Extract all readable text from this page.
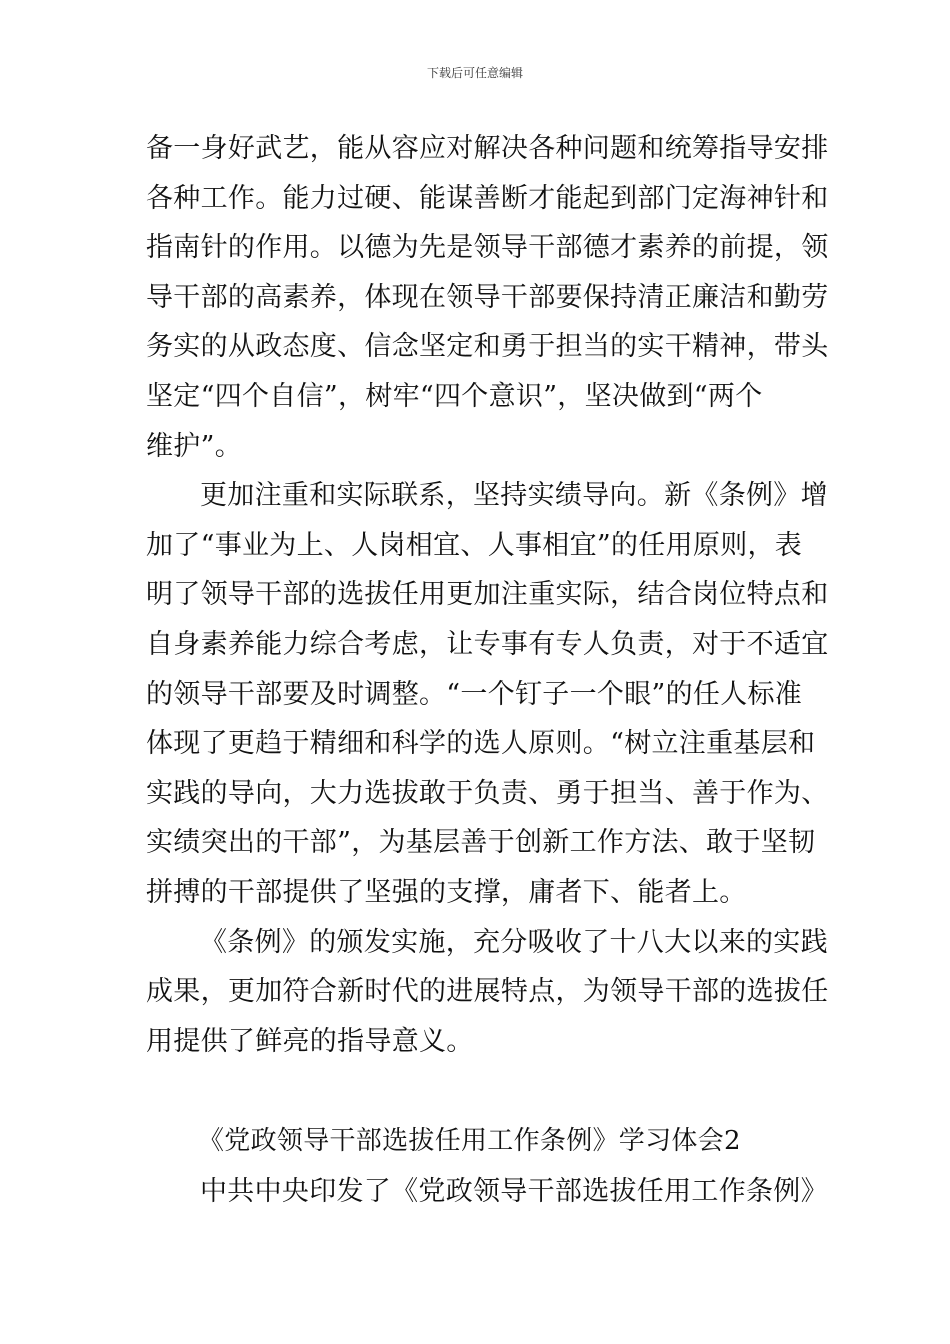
下载后可任意编辑
备一身好武艺，能从容应对解决各种问题和统筹指导安排
各种工作。能力过硬、能谋善断才能起到部门定海神针和
指南针的作用。以德为先是领导干部德才素养的前提，领
导干部的高素养，体现在领导干部要保持清正廉洁和勤劳
务实的从政态度、信念坚定和勇于担当的实干精神，带头
坚定“四个自信”，树牢“四个意识”，坚决做到“两个
维护”。
更加注重和实际联系，坚持实绩导向。新《条例》增
加了“事业为上、人岗相宜、人事相宜”的任用原则，表
明了领导干部的选拔任用更加注重实际，结合岗位特点和
自身素养能力综合考虑，让专事有专人负责，对于不适宜
的领导干部要及时调整。“一个钉子一个眼”的任人标准
体现了更趋于精细和科学的选人原则。“树立注重基层和
实践的导向，大力选拔敢于负责、勇于担当、善于作为、
实绩突出的干部”，为基层善于创新工作方法、敢于坚韧
拼搏的干部提供了坚强的支撑，庸者下、能者上。
《条例》的颁发实施，充分吸收了十八大以来的实践
成果，更加符合新时代的进展特点，为领导干部的选拔任
用提供了鲜亮的指导意义。
《党政领导干部选拔任用工作条例》学习体会2
中共中央印发了《党政领导干部选拔任用工作条例》
